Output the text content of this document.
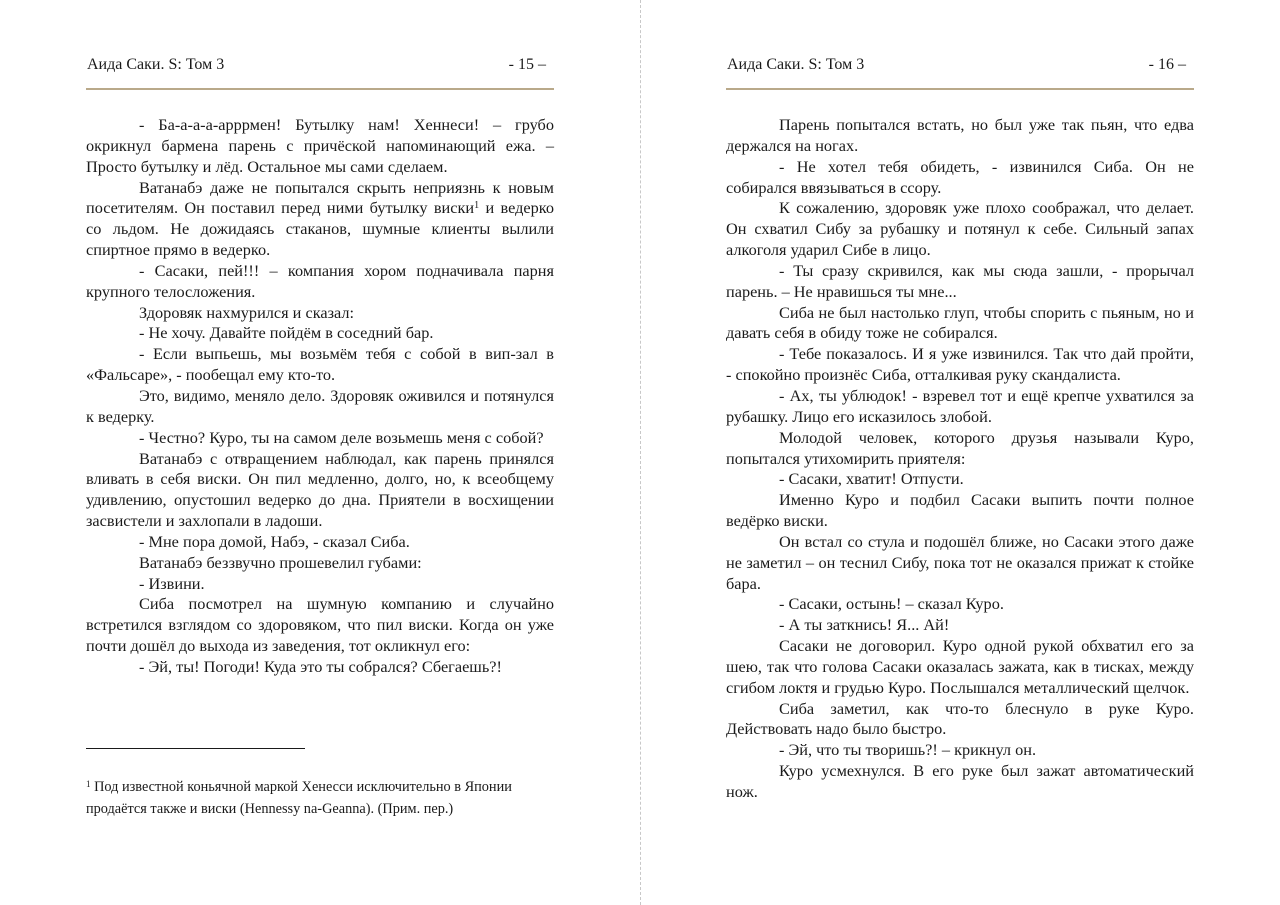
Аида Саки. S: Том 3	- 15 –

- Ба-а-а-а-арррмен! Бутылку нам! Хеннеси! – грубо окрикнул бармена парень с причёской напоминающий ежа. – Просто бутылку и лёд. Остальное мы сами сделаем.

Ватанабэ даже не попытался скрыть неприязнь к новым посетителям. Он поставил перед ними бутылку виски$^1$ и ведерко со льдом. Не дожидаясь стаканов, шумные клиенты вылили спиртное прямо в ведерко.

- Сасаки, пей!!! – компания хором подначивала парня крупного телосложения.

Здоровяк нахмурился и сказал:

- Не хочу. Давайте пойдём в соседний бар.

- Если выпьешь, мы возьмём тебя с собой в вип-зал в «Фальсаре», - пообещал ему кто-то.

Это, видимо, меняло дело. Здоровяк оживился и потянулся к ведерку.

- Честно? Куро, ты на самом деле возьмешь меня с собой?

Ватанабэ с отвращением наблюдал, как парень принялся вливать в себя виски. Он пил медленно, долго, но, к всеобщему удивлению, опустошил ведерко до дна. Приятели в восхищении засвистели и захлопали в ладоши.

- Мне пора домой, Набэ, - сказал Сиба.

Ватанабэ беззвучно прошевелил губами:

- Извини.

Сиба посмотрел на шумную компанию и случайно встретился взглядом со здоровяком, что пил виски. Когда он уже почти дошёл до выхода из заведения, тот окликнул его:

- Эй, ты! Погоди! Куда это ты собрался? Сбегаешь?!

$^1$ Под известной коньячной маркой Хенесси исключительно в Японии продаётся также и виски (Hennessy na-Geanna). (Прим. пер.)
Аида Саки. S: Том 3	- 16 –

Парень попытался встать, но был уже так пьян, что едва держался на ногах.

- Не хотел тебя обидеть, - извинился Сиба. Он не собирался ввязываться в ссору.

К сожалению, здоровяк уже плохо соображал, что делает. Он схватил Сибу за рубашку и потянул к себе. Сильный запах алкоголя ударил Сибе в лицо.

- Ты сразу скривился, как мы сюда зашли, - прорычал парень. – Не нравишься ты мне...

Сиба не был настолько глуп, чтобы спорить с пьяным, но и давать себя в обиду тоже не собирался.

- Тебе показалось. И я уже извинился. Так что дай пройти, - спокойно произнёс Сиба, отталкивая руку скандалиста.

- Ах, ты ублюдок! - взревел тот и ещё крепче ухватился за рубашку. Лицо его исказилось злобой.

Молодой человек, которого друзья называли Куро, попытался утихомирить приятеля:

- Сасаки, хватит! Отпусти.

Именно Куро и подбил Сасаки выпить почти полное ведёрко виски.

Он встал со стула и подошёл ближе, но Сасаки этого даже не заметил – он теснил Сибу, пока тот не оказался прижат к стойке бара.

- Сасаки, остынь! – сказал Куро.

- А ты заткнись! Я... Ай!

Сасаки не договорил. Куро одной рукой обхватил его за шею, так что голова Сасаки оказалась зажата, как в тисках, между сгибом локтя и грудью Куро. Послышался металлический щелчок.

Сиба заметил, как что-то блеснуло в руке Куро. Действовать надо было быстро.

- Эй, что ты творишь?! – крикнул он.

Куро усмехнулся. В его руке был зажат автоматический нож.
